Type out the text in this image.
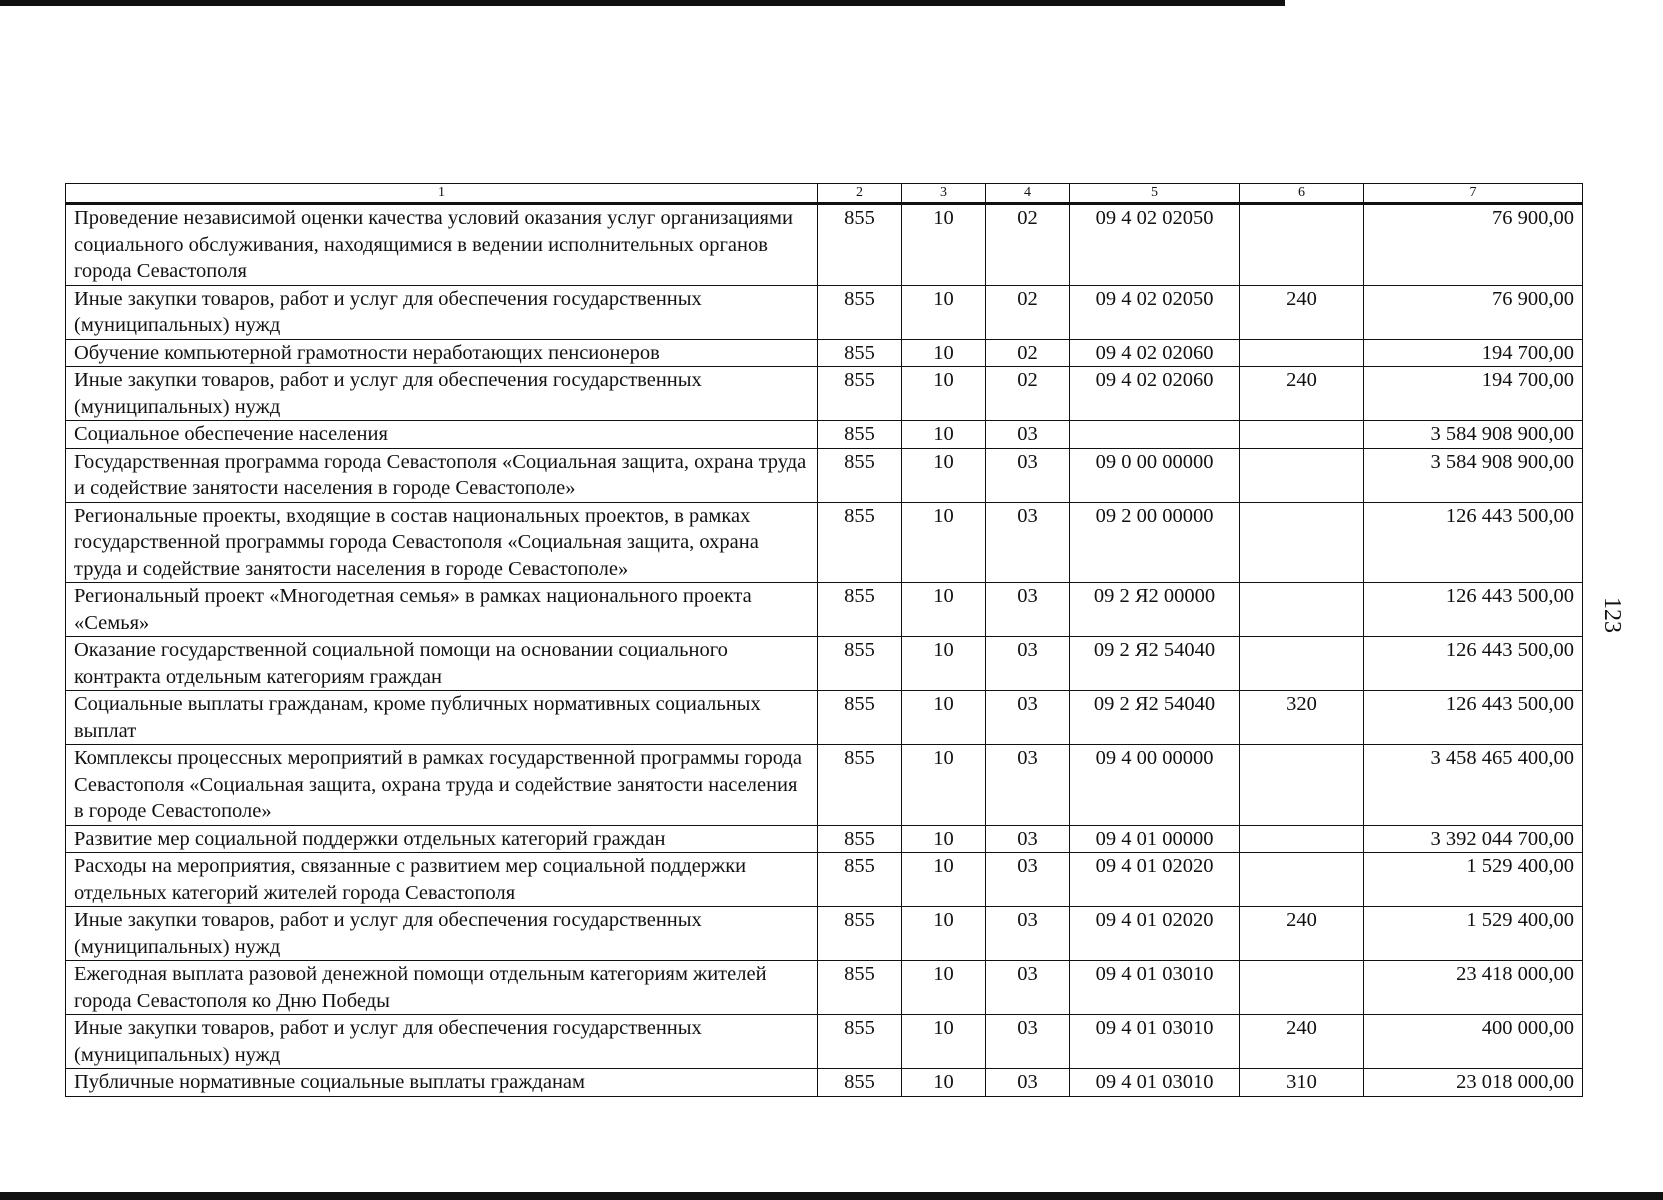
123
1	2	3	4	5	6	7
Проведение независимой оценки качества условий оказания услуг организациями социального обслуживания, находящимися в ведении исполнительных органов города Севастополя	855	10	02	09 4 02 02050		76 900,00
Иные закупки товаров, работ и услуг для обеспечения государственных (муниципальных) нужд	855	10	02	09 4 02 02050	240	76 900,00
Обучение компьютерной грамотности неработающих пенсионеров	855	10	02	09 4 02 02060		194 700,00
Иные закупки товаров, работ и услуг для обеспечения государственных (муниципальных) нужд	855	10	02	09 4 02 02060	240	194 700,00
Социальное обеспечение населения	855	10	03			3 584 908 900,00
Государственная программа города Севастополя «Социальная защита, охрана труда и содействие занятости населения в городе Севастополе»	855	10	03	09 0 00 00000		3 584 908 900,00
Региональные проекты, входящие в состав национальных проектов, в рамках государственной программы города Севастополя «Социальная защита, охрана труда и содействие занятости населения в городе Севастополе»	855	10	03	09 2 00 00000		126 443 500,00
Региональный проект «Многодетная семья» в рамках национального проекта «Семья»	855	10	03	09 2 Я2 00000		126 443 500,00
Оказание государственной социальной помощи на основании социального контракта отдельным категориям граждан	855	10	03	09 2 Я2 54040		126 443 500,00
Социальные выплаты гражданам, кроме публичных нормативных социальных выплат	855	10	03	09 2 Я2 54040	320	126 443 500,00
Комплексы процессных мероприятий в рамках государственной программы города Севастополя «Социальная защита, охрана труда и содействие занятости населения в городе Севастополе»	855	10	03	09 4 00 00000		3 458 465 400,00
Развитие мер социальной поддержки отдельных категорий граждан	855	10	03	09 4 01 00000		3 392 044 700,00
Расходы на мероприятия, связанные с развитием мер социальной поддержки отдельных категорий жителей города Севастополя	855	10	03	09 4 01 02020		1 529 400,00
Иные закупки товаров, работ и услуг для обеспечения государственных (муниципальных) нужд	855	10	03	09 4 01 02020	240	1 529 400,00
Ежегодная выплата разовой денежной помощи отдельным категориям жителей города Севастополя ко Дню Победы	855	10	03	09 4 01 03010		23 418 000,00
Иные закупки товаров, работ и услуг для обеспечения государственных (муниципальных) нужд	855	10	03	09 4 01 03010	240	400 000,00
Публичные нормативные социальные выплаты гражданам	855	10	03	09 4 01 03010	310	23 018 000,00
